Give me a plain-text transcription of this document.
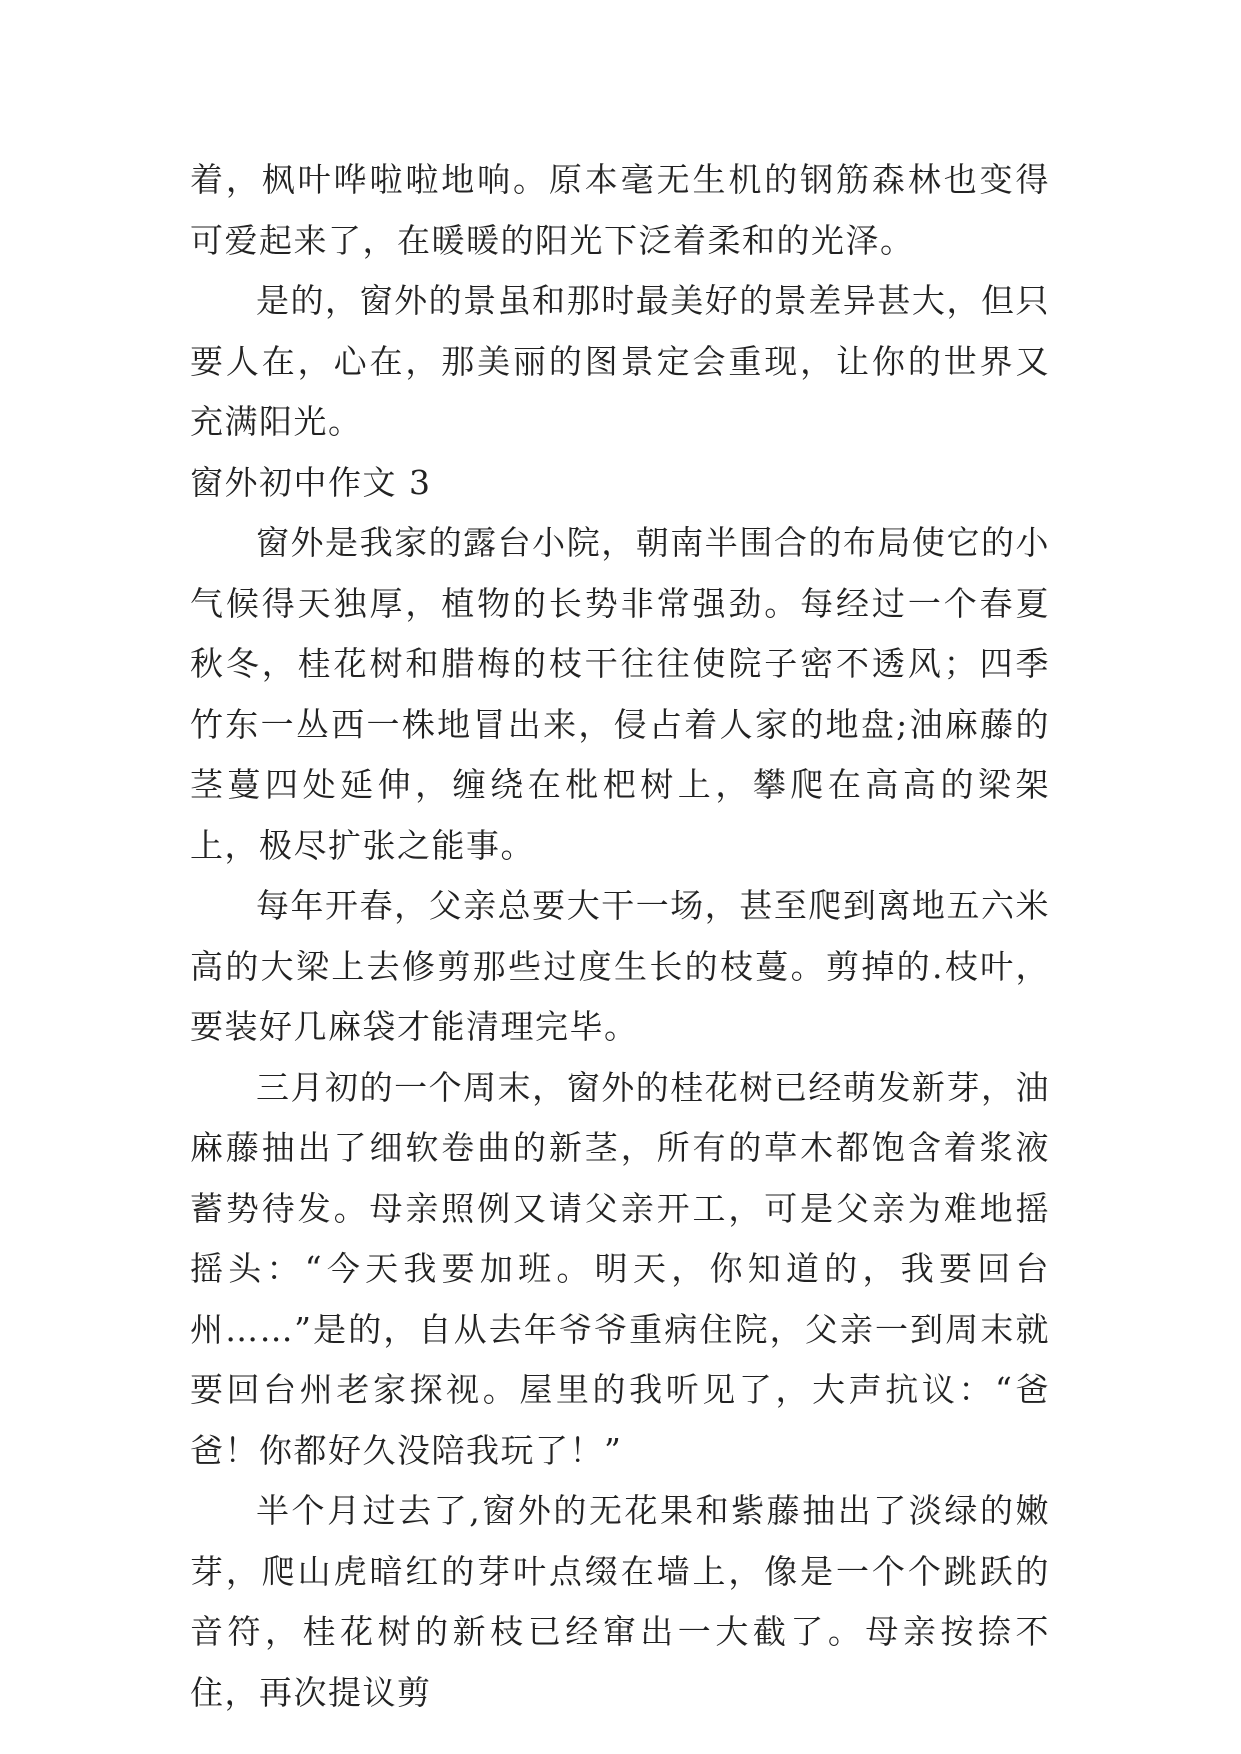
着，枫叶哗啦啦地响。原本毫无生机的钢筋森林也变得可爱起来了，在暖暖的阳光下泛着柔和的光泽。

是的，窗外的景虽和那时最美好的景差异甚大，但只要人在，心在，那美丽的图景定会重现，让你的世界又充满阳光。

窗外初中作文 3

窗外是我家的露台小院，朝南半围合的布局使它的小气候得天独厚，植物的长势非常强劲。每经过一个春夏秋冬，桂花树和腊梅的枝干往往使院子密不透风；四季竹东一丛西一株地冒出来，侵占着人家的地盘;油麻藤的茎蔓四处延伸，缠绕在枇杷树上，攀爬在高高的梁架上，极尽扩张之能事。

每年开春，父亲总要大干一场，甚至爬到离地五六米高的大梁上去修剪那些过度生长的枝蔓。剪掉的.枝叶，要装好几麻袋才能清理完毕。

三月初的一个周末，窗外的桂花树已经萌发新芽，油麻藤抽出了细软卷曲的新茎，所有的草木都饱含着浆液蓄势待发。母亲照例又请父亲开工，可是父亲为难地摇摇头：“今天我要加班。明天，你知道的，我要回台州……”是的，自从去年爷爷重病住院，父亲一到周末就要回台州老家探视。屋里的我听见了，大声抗议：“爸爸！你都好久没陪我玩了！”

半个月过去了,窗外的无花果和紫藤抽出了淡绿的嫩芽，爬山虎暗红的芽叶点缀在墙上，像是一个个跳跃的音符，桂花树的新枝已经窜出一大截了。母亲按捺不住，再次提议剪
